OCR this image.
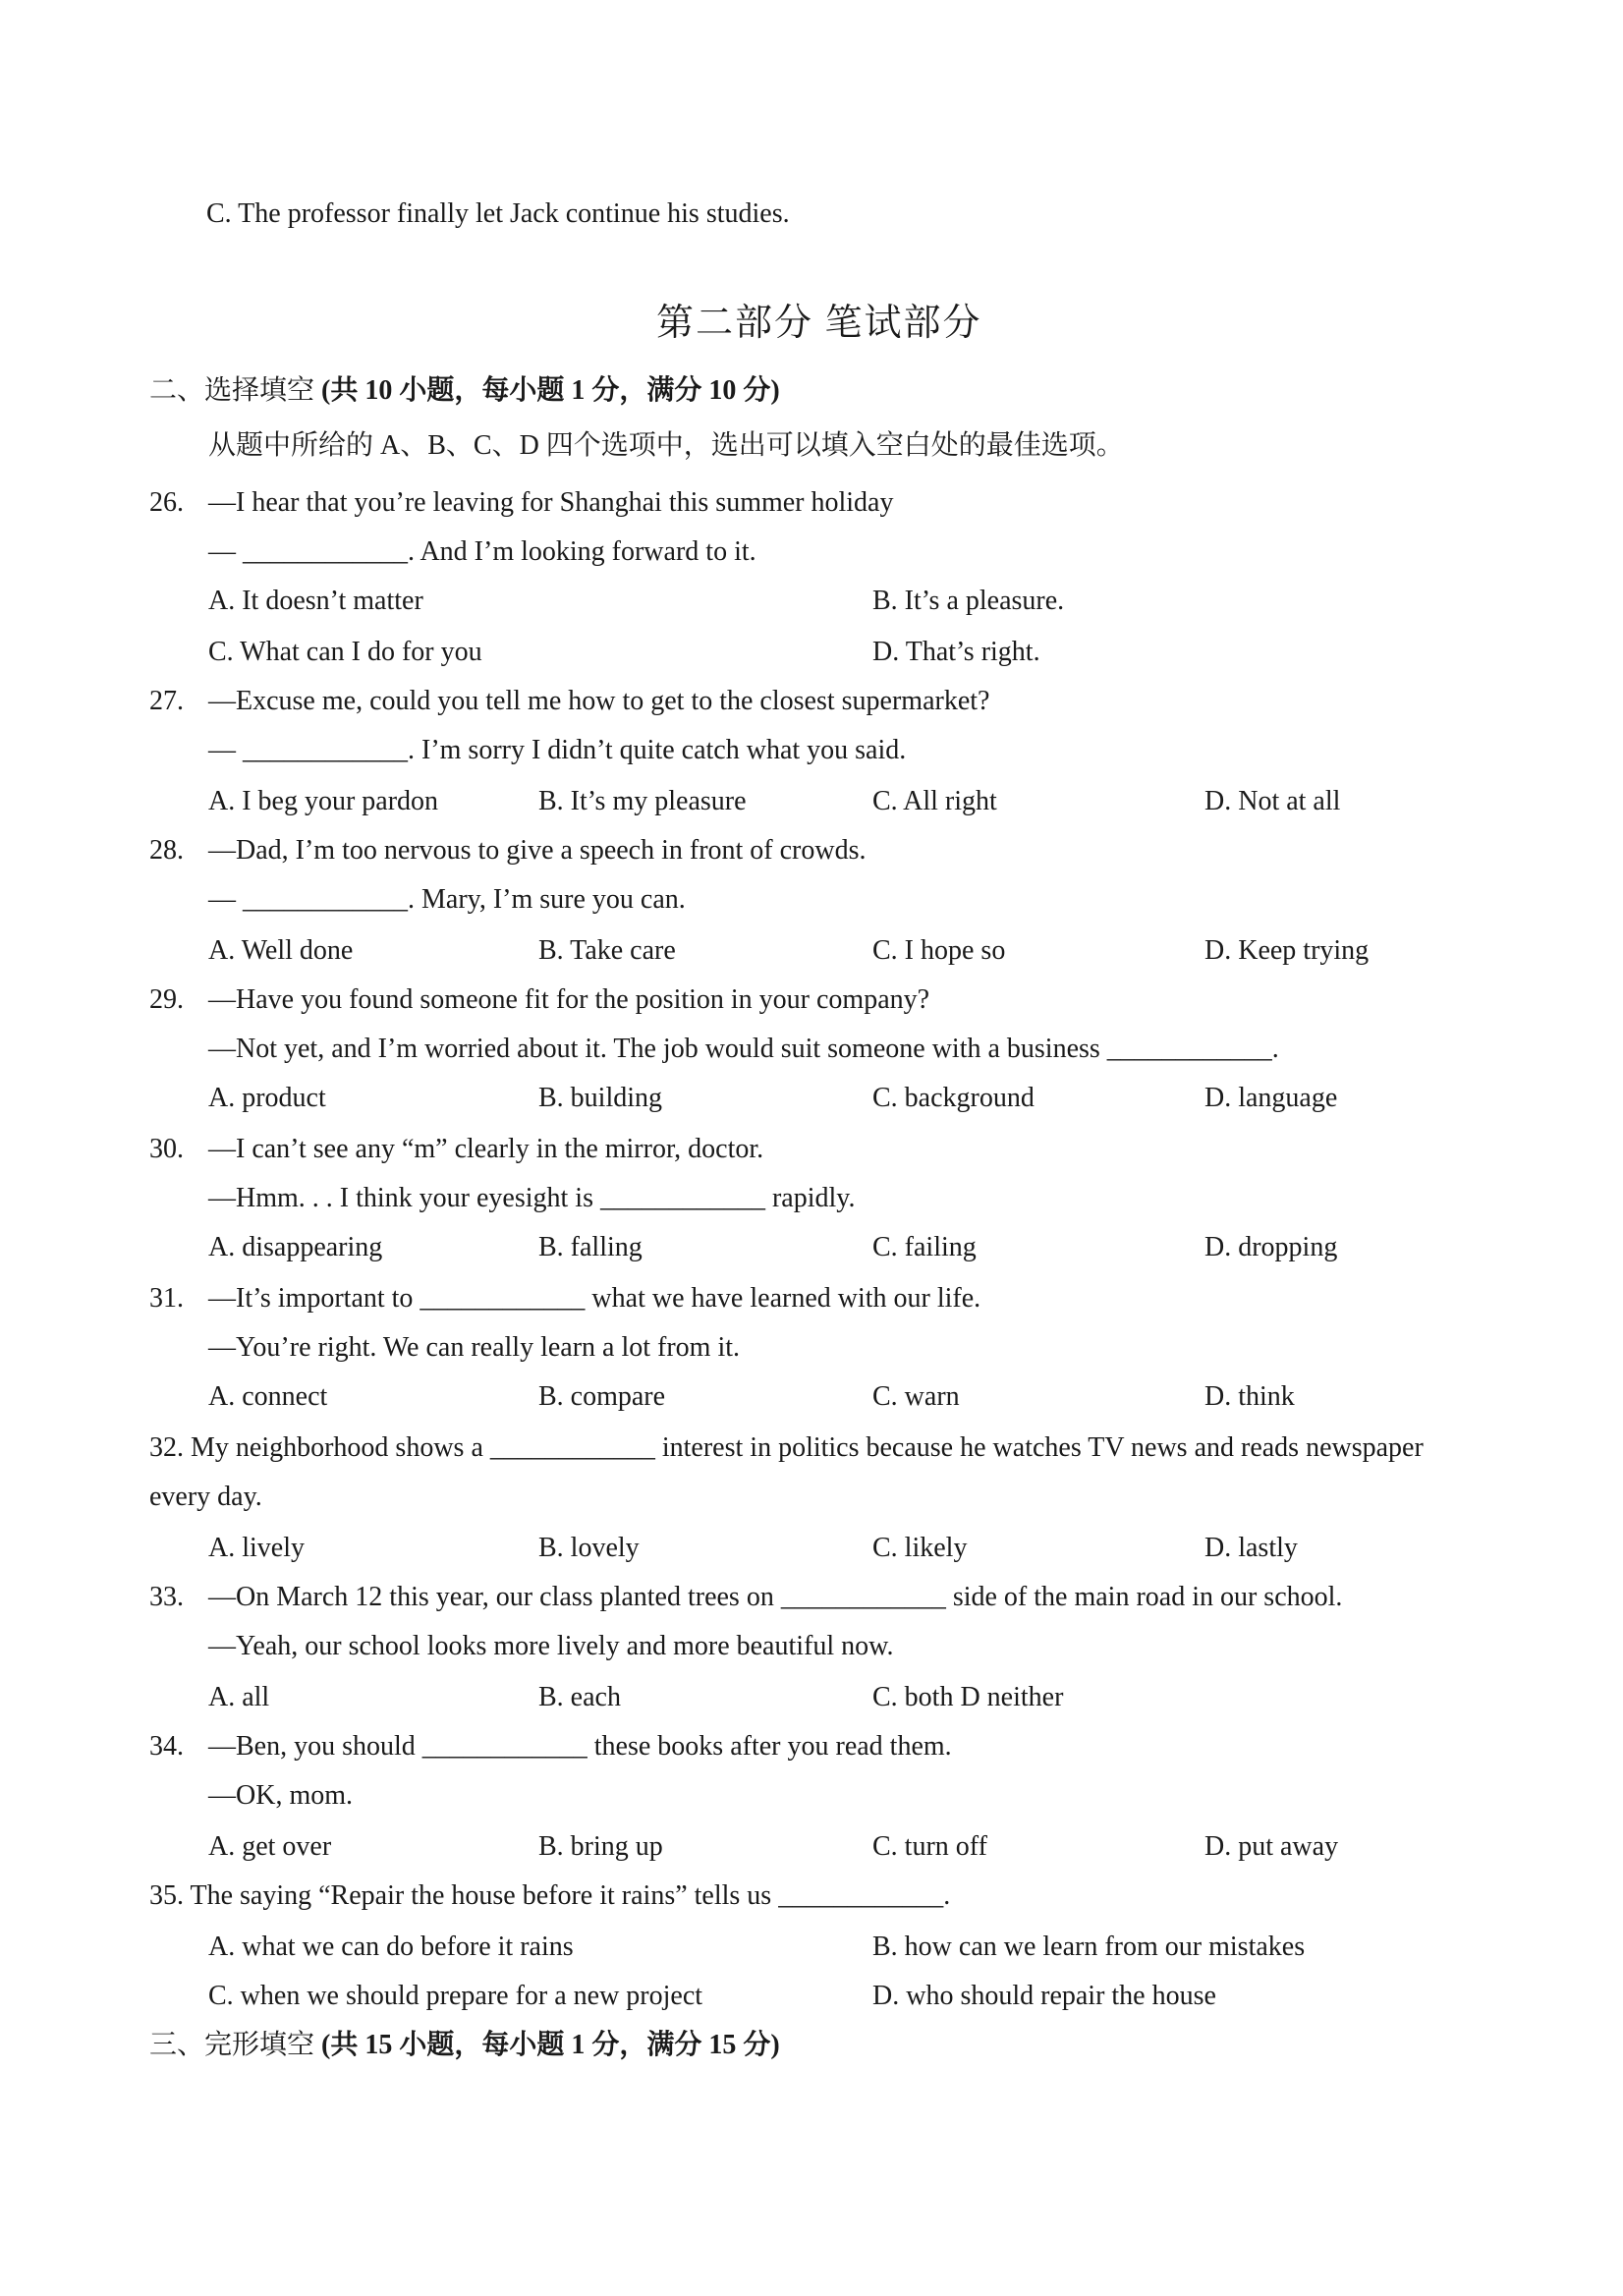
C. The professor finally let Jack continue his studies.
第二部分 笔试部分
二、选择填空 (共 10 小题，每小题 1 分，满分 10 分)
从题中所给的 A、B、C、D 四个选项中，选出可以填入空白处的最佳选项。
26. —I hear that you’re leaving for Shanghai this summer holiday
— ____________. And I’m looking forward to it.
A. It doesn’t matter	B. It’s a pleasure.
C. What can I do for you	D. That’s right.
27. —Excuse me, could you tell me how to get to the closest supermarket?
— ____________. I’m sorry I didn’t quite catch what you said.
A. I beg your pardon	B. It’s my pleasure	C. All right	D. Not at all
28. —Dad, I’m too nervous to give a speech in front of crowds.
— ____________. Mary, I’m sure you can.
A. Well done	B. Take care	C. I hope so	D. Keep trying
29. —Have you found someone fit for the position in your company?
—Not yet, and I’m worried about it. The job would suit someone with a business ____________.
A. product	B. building	C. background	D. language
30. —I can’t see any “m” clearly in the mirror, doctor.
—Hmm. . . I think your eyesight is ____________ rapidly.
A. disappearing	B. falling	C. failing	D. dropping
31. —It’s important to ____________ what we have learned with our life.
—You’re right. We can really learn a lot from it.
A. connect	B. compare	C. warn	D. think
32. My neighborhood shows a ____________ interest in politics because he watches TV news and reads newspaper
every day.
A. lively	B. lovely	C. likely	D. lastly
33. —On March 12 this year, our class planted trees on ____________ side of the main road in our school.
—Yeah, our school looks more lively and more beautiful now.
A. all	B. each	C. both D neither
34. —Ben, you should ____________ these books after you read them.
—OK, mom.
A. get over	B. bring up	C. turn off	D. put away
35. The saying “Repair the house before it rains” tells us ____________.
A. what we can do before it rains	B. how can we learn from our mistakes
C. when we should prepare for a new project	D. who should repair the house
三、完形填空 (共 15 小题，每小题 1 分，满分 15 分)
